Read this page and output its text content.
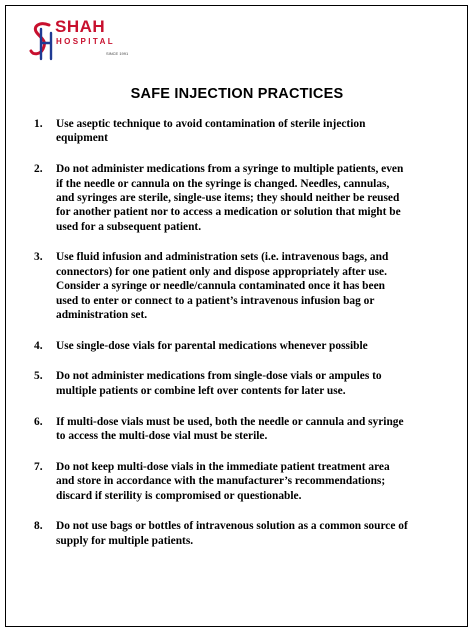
SHAH
HOSPITAL
SINCE 1991
SAFE INJECTION PRACTICES
1. Use aseptic technique to avoid contamination of sterile injection
equipment
2. Do not administer medications from a syringe to multiple patients, even
if the needle or cannula on the syringe is changed. Needles, cannulas,
and syringes are sterile, single-use items; they should neither be reused
for another patient nor to access a medication or solution that might be
used for a subsequent patient.
3. Use fluid infusion and administration sets (i.e. intravenous bags, and
connectors) for one patient only and dispose appropriately after use.
Consider a syringe or needle/cannula contaminated once it has been
used to enter or connect to a patient’s intravenous infusion bag or
administration set.
4. Use single-dose vials for parental medications whenever possible
5. Do not administer medications from single-dose vials or ampules to
multiple patients or combine left over contents for later use.
6. If multi-dose vials must be used, both the needle or cannula and syringe
to access the multi-dose vial must be sterile.
7. Do not keep multi-dose vials in the immediate patient treatment area
and store in accordance with the manufacturer’s recommendations;
discard if sterility is compromised or questionable.
8. Do not use bags or bottles of intravenous solution as a common source of
supply for multiple patients.
